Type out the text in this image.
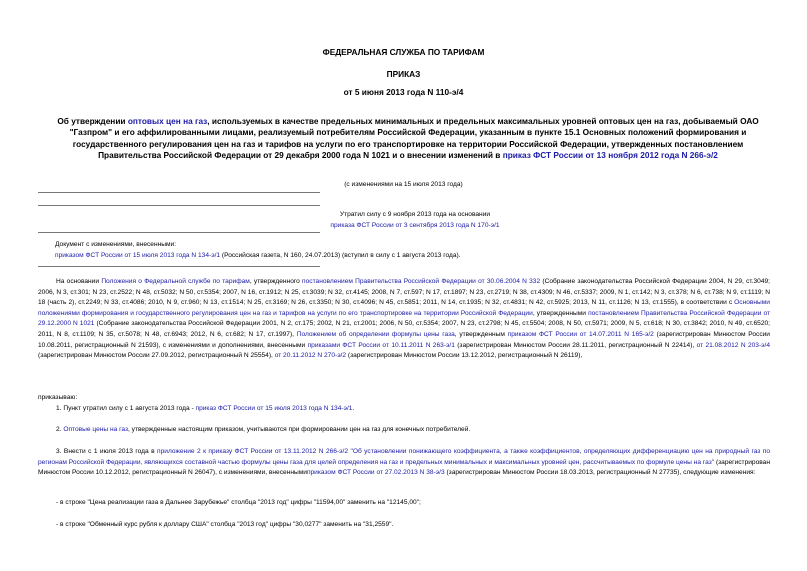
ФЕДЕРАЛЬНАЯ СЛУЖБА ПО ТАРИФАМ
ПРИКАЗ
от 5 июня 2013 года N 110-э/4
Об утверждении оптовых цен на газ, используемых в качестве предельных минимальных и предельных максимальных уровней оптовых цен на газ, добываемый ОАО "Газпром" и его аффилированными лицами, реализуемый потребителям Российской Федерации, указанным в пункте 15.1 Основных положений формирования и государственного регулирования цен на газ и тарифов на услуги по его транспортировке на территории Российской Федерации, утвержденных постановлением Правительства Российской Федерации от 29 декабря 2000 года N 1021 и о внесении изменений в приказ ФСТ России от 13 ноября 2012 года N 266-э/2
(с изменениями на 15 июля 2013 года)
Утратил силу с 9 ноября 2013 года на основании
приказа ФСТ России от 3 сентября 2013 года N 170-э/1
Документ с изменениями, внесенными:
приказом ФСТ России от 15 июля 2013 года N 134-э/1 (Российская газета, N 160, 24.07.2013) (вступил в силу с 1 августа 2013 года).
На основании Положения о Федеральной службе по тарифам, утвержденного постановлением Правительства Российской Федерации от 30.06.2004 N 332 (Собрание законодательства Российской Федерации 2004, N 29, ст.3049; 2006, N 3, ст.301; N 23, ст.2522; N 48, ст.5032; N 50, ст.5354; 2007, N 16, ст.1912; N 25, ст.3039; N 32, ст.4145; 2008, N 7, ст.597; N 17, ст.1897; N 23, ст.2719; N 38, ст.4309; N 46, ст.5337; 2009, N 1, ст.142; N 3, ст.378; N 6, ст.738; N 9, ст.1119; N 18 (часть 2), ст.2249; N 33, ст.4086; 2010, N 9, ст.960; N 13, ст.1514; N 25, ст.3169; N 26, ст.3350; N 30, ст.4096; N 45, ст.5851; 2011, N 14, ст.1935; N 32, ст.4831; N 42, ст.5925; 2013, N 11, ст.1126; N 13, ст.1555), в соответствии с Основными положениями формирования и государственного регулирования цен на газ и тарифов на услуги по его транспортировке на территории Российской Федерации, утвержденными постановлением Правительства Российской Федерации от 29.12.2000 N 1021 (Собрание законодательства Российской Федерации 2001, N 2, ст.175; 2002, N 21, ст.2001; 2006, N 50, ст.5354; 2007, N 23, ст.2798; N 45, ст.5504; 2008, N 50, ст.5971; 2009, N 5, ст.618; N 30, ст.3842; 2010, N 49, ст.6520; 2011, N 8, ст.1109; N 35, ст.5078; N 48, ст.6943; 2012, N 6, ст.682; N 17, ст.1997), Положением об определении формулы цены газа, утвержденным приказом ФСТ России от 14.07.2011 N 165-э/2 (зарегистрирован Минюстом России 10.08.2011, регистрационный N 21593), с изменениями и дополнениями, внесенными приказами ФСТ России от 10.11.2011 N 263-э/1 (зарегистрирован Минюстом России 28.11.2011, регистрационный N 22414), от 21.08.2012 N 203-э/4 (зарегистрирован Минюстом России 27.09.2012, регистрационный N 25554), от 20.11.2012 N 270-э/2 (зарегистрирован Минюстом России 13.12.2012, регистрационный N 26119),
приказываю:
1. Пункт утратил силу с 1 августа 2013 года - приказ ФСТ России от 15 июля 2013 года N 134-э/1.
2. Оптовые цены на газ, утвержденные настоящим приказом, учитываются при формировании цен на газ для конечных потребителей.
3. Внести с 1 июля 2013 года в приложение 2 к приказу ФСТ России от 13.11.2012 N 266-э/2 "Об установлении понижающего коэффициента, а также коэффициентов, определяющих дифференциацию цен на природный газ по регионам Российской Федерации, являющихся составной частью формулы цены газа для целей определения на газ и предельных минимальных и максимальных уровней цен, рассчитываемых по формуле цены на газ" (зарегистрирован Минюстом России 10.12.2012, регистрационный N 26047), с изменениями, внесеннымиприказом ФСТ России от 27.02.2013 N 38-э/3 (зарегистрирован Минюстом России 18.03.2013, регистрационный N 27735), следующие изменения:
- в строке "Цена реализации газа в Дальнее Зарубежье" столбца "2013 год" цифры "11594,00" заменить на "12145,00";
- в строке "Обменный курс рубля к доллару США" столбца "2013 год" цифры "30,0277" заменить на "31,2559".
